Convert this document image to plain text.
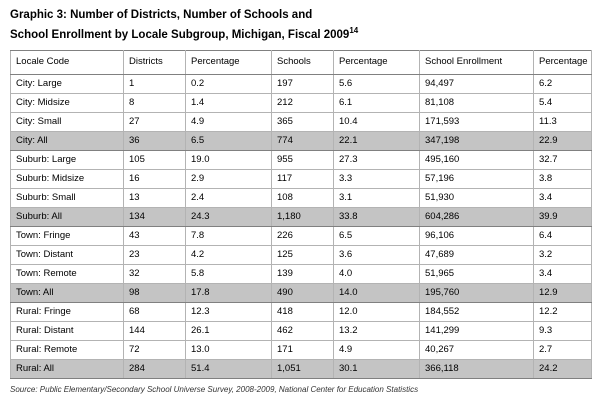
Graphic 3: Number of Districts, Number of Schools and
School Enrollment by Locale Subgroup, Michigan, Fiscal 2009$^{14}$
Locale Code	Districts	Percentage	Schools	Percentage	School Enrollment	Percentage
City: Large	1	0.2	197	5.6	94,497	6.2
City: Midsize	8	1.4	212	6.1	81,108	5.4
City: Small	27	4.9	365	10.4	171,593	11.3
City: All	36	6.5	774	22.1	347,198	22.9
Suburb: Large	105	19.0	955	27.3	495,160	32.7
Suburb: Midsize	16	2.9	117	3.3	57,196	3.8
Suburb: Small	13	2.4	108	3.1	51,930	3.4
Suburb: All	134	24.3	1,180	33.8	604,286	39.9
Town: Fringe	43	7.8	226	6.5	96,106	6.4
Town: Distant	23	4.2	125	3.6	47,689	3.2
Town: Remote	32	5.8	139	4.0	51,965	3.4
Town: All	98	17.8	490	14.0	195,760	12.9
Rural: Fringe	68	12.3	418	12.0	184,552	12.2
Rural: Distant	144	26.1	462	13.2	141,299	9.3
Rural: Remote	72	13.0	171	4.9	40,267	2.7
Rural: All	284	51.4	1,051	30.1	366,118	24.2
Source: Public Elementary/Secondary School Universe Survey, 2008-2009, National Center for Education Statistics
